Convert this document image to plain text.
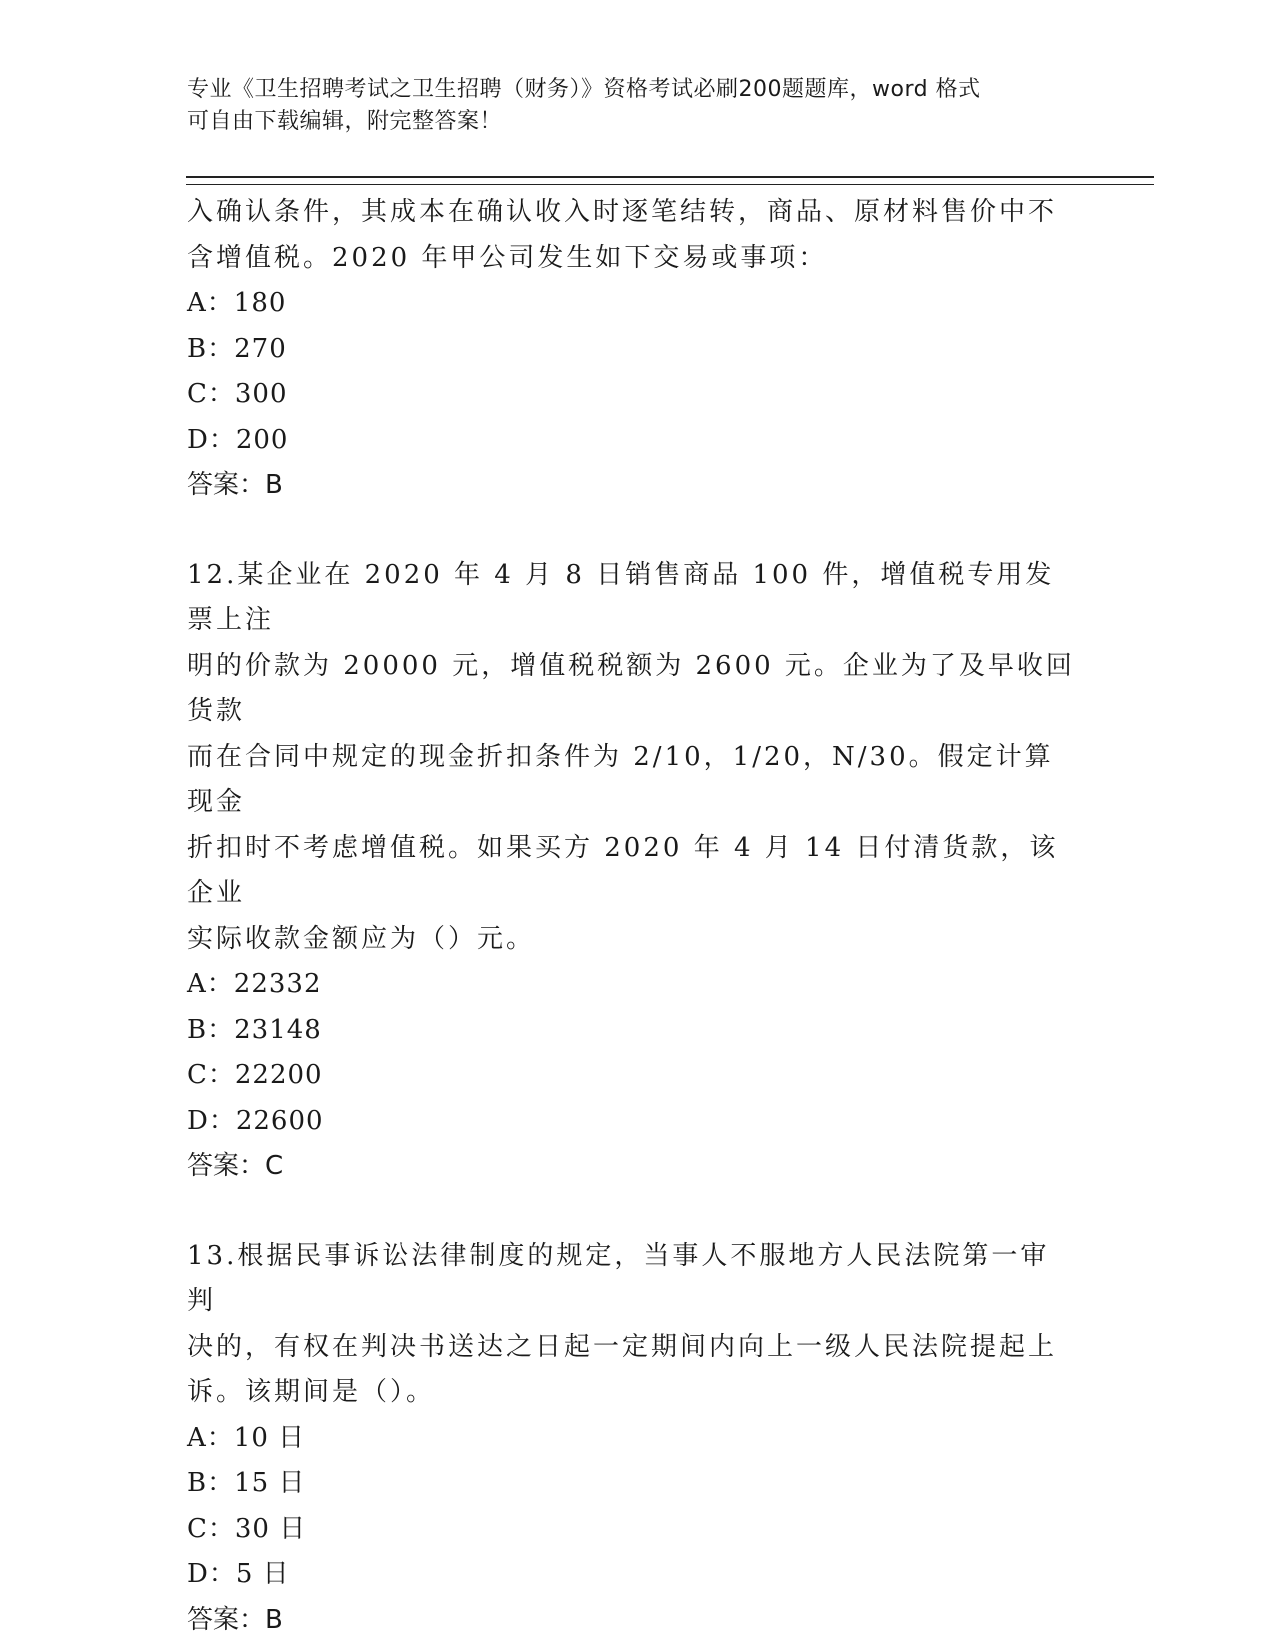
专业《卫生招聘考试之卫生招聘（财务）》资格考试必刷200题题库，word 格式
可自由下载编辑，附完整答案！

入确认条件，其成本在确认收入时逐笔结转，商品、原材料售价中不

含增值税。2020 年甲公司发生如下交易或事项：

A：180

B：270

C：300

D：200

答案：B

12.某企业在 2020 年 4 月 8 日销售商品 100 件，增值税专用发票上注

明的价款为 20000 元，增值税税额为 2600 元。企业为了及早收回货款

而在合同中规定的现金折扣条件为 2/10，1/20，N/30。假定计算现金

折扣时不考虑增值税。如果买方 2020 年 4 月 14 日付清货款，该企业

实际收款金额应为（）元。

A：22332

B：23148

C：22200

D：22600

答案：C

13.根据民事诉讼法律制度的规定，当事人不服地方人民法院第一审判

决的，有权在判决书送达之日起一定期间内向上一级人民法院提起上

诉。该期间是（）。

A：10 日

B：15 日

C：30 日

D：5 日

答案：B
